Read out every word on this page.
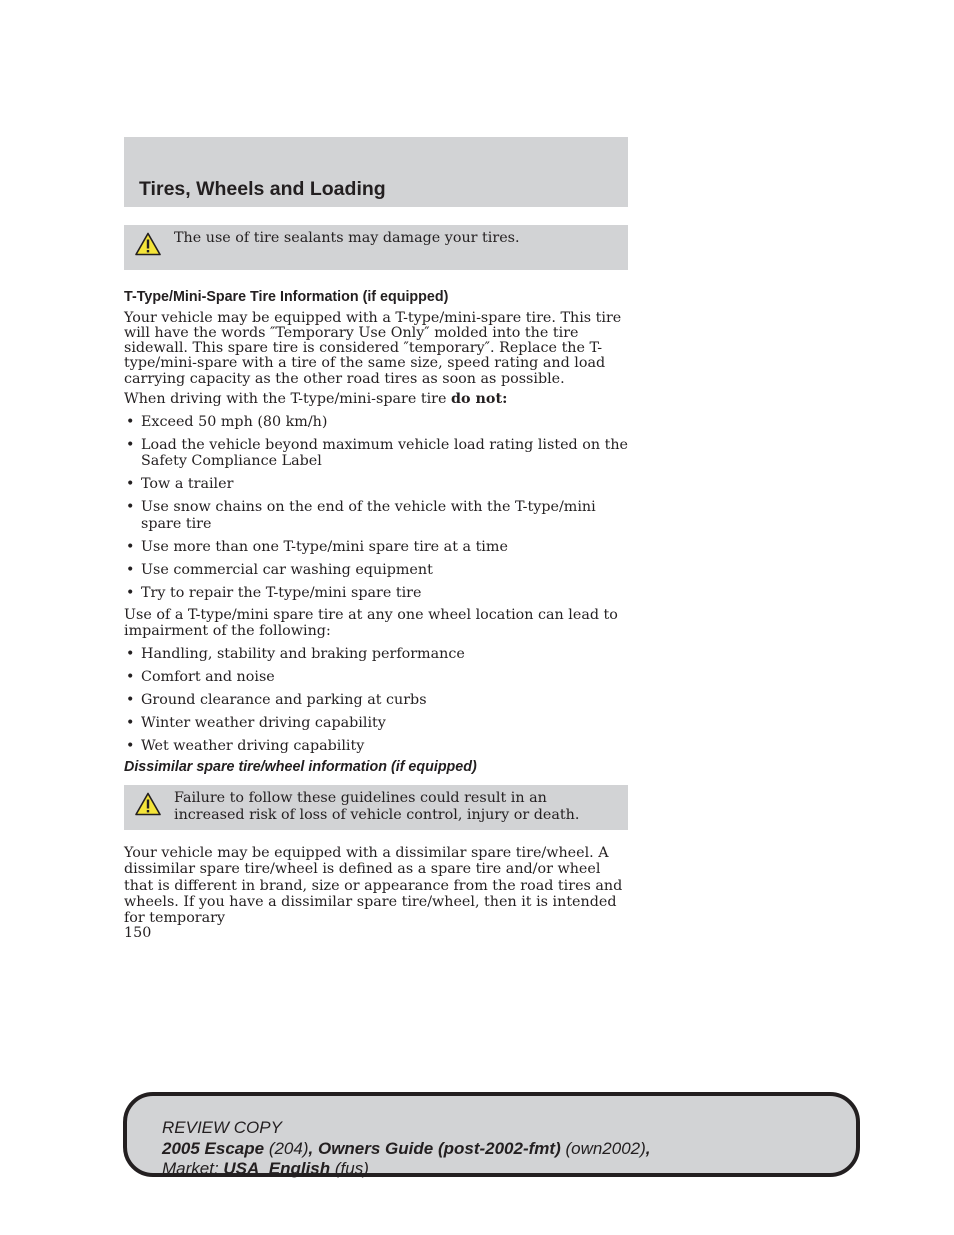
Tires, Wheels and Loading
The use of tire sealants may damage your tires.
T-Type/Mini-Spare Tire Information (if equipped)

Your vehicle may be equipped with a T-type/mini-spare tire. This tire will have the words ″Temporary Use Only″ molded into the tire sidewall. This spare tire is considered ″temporary″. Replace the T-type/mini-spare with a tire of the same size, speed rating and load carrying capacity as the other road tires as soon as possible.

When driving with the T-type/mini-spare tire do not:

• Exceed 50 mph (80 km/h)
• Load the vehicle beyond maximum vehicle load rating listed on the Safety Compliance Label
• Tow a trailer
• Use snow chains on the end of the vehicle with the T-type/mini spare tire
• Use more than one T-type/mini spare tire at a time
• Use commercial car washing equipment
• Try to repair the T-type/mini spare tire

Use of a T-type/mini spare tire at any one wheel location can lead to impairment of the following:

• Handling, stability and braking performance
• Comfort and noise
• Ground clearance and parking at curbs
• Winter weather driving capability
• Wet weather driving capability
Dissimilar spare tire/wheel information (if equipped)
Failure to follow these guidelines could result in an increased risk of loss of vehicle control, injury or death.

Your vehicle may be equipped with a dissimilar spare tire/wheel. A dissimilar spare tire/wheel is defined as a spare tire and/or wheel that is different in brand, size or appearance from the road tires and wheels. If you have a dissimilar spare tire/wheel, then it is intended for temporary

150
REVIEW COPY
2005 Escape (204), Owners Guide (post-2002-fmt) (own2002),
Market: USA_English (fus)
